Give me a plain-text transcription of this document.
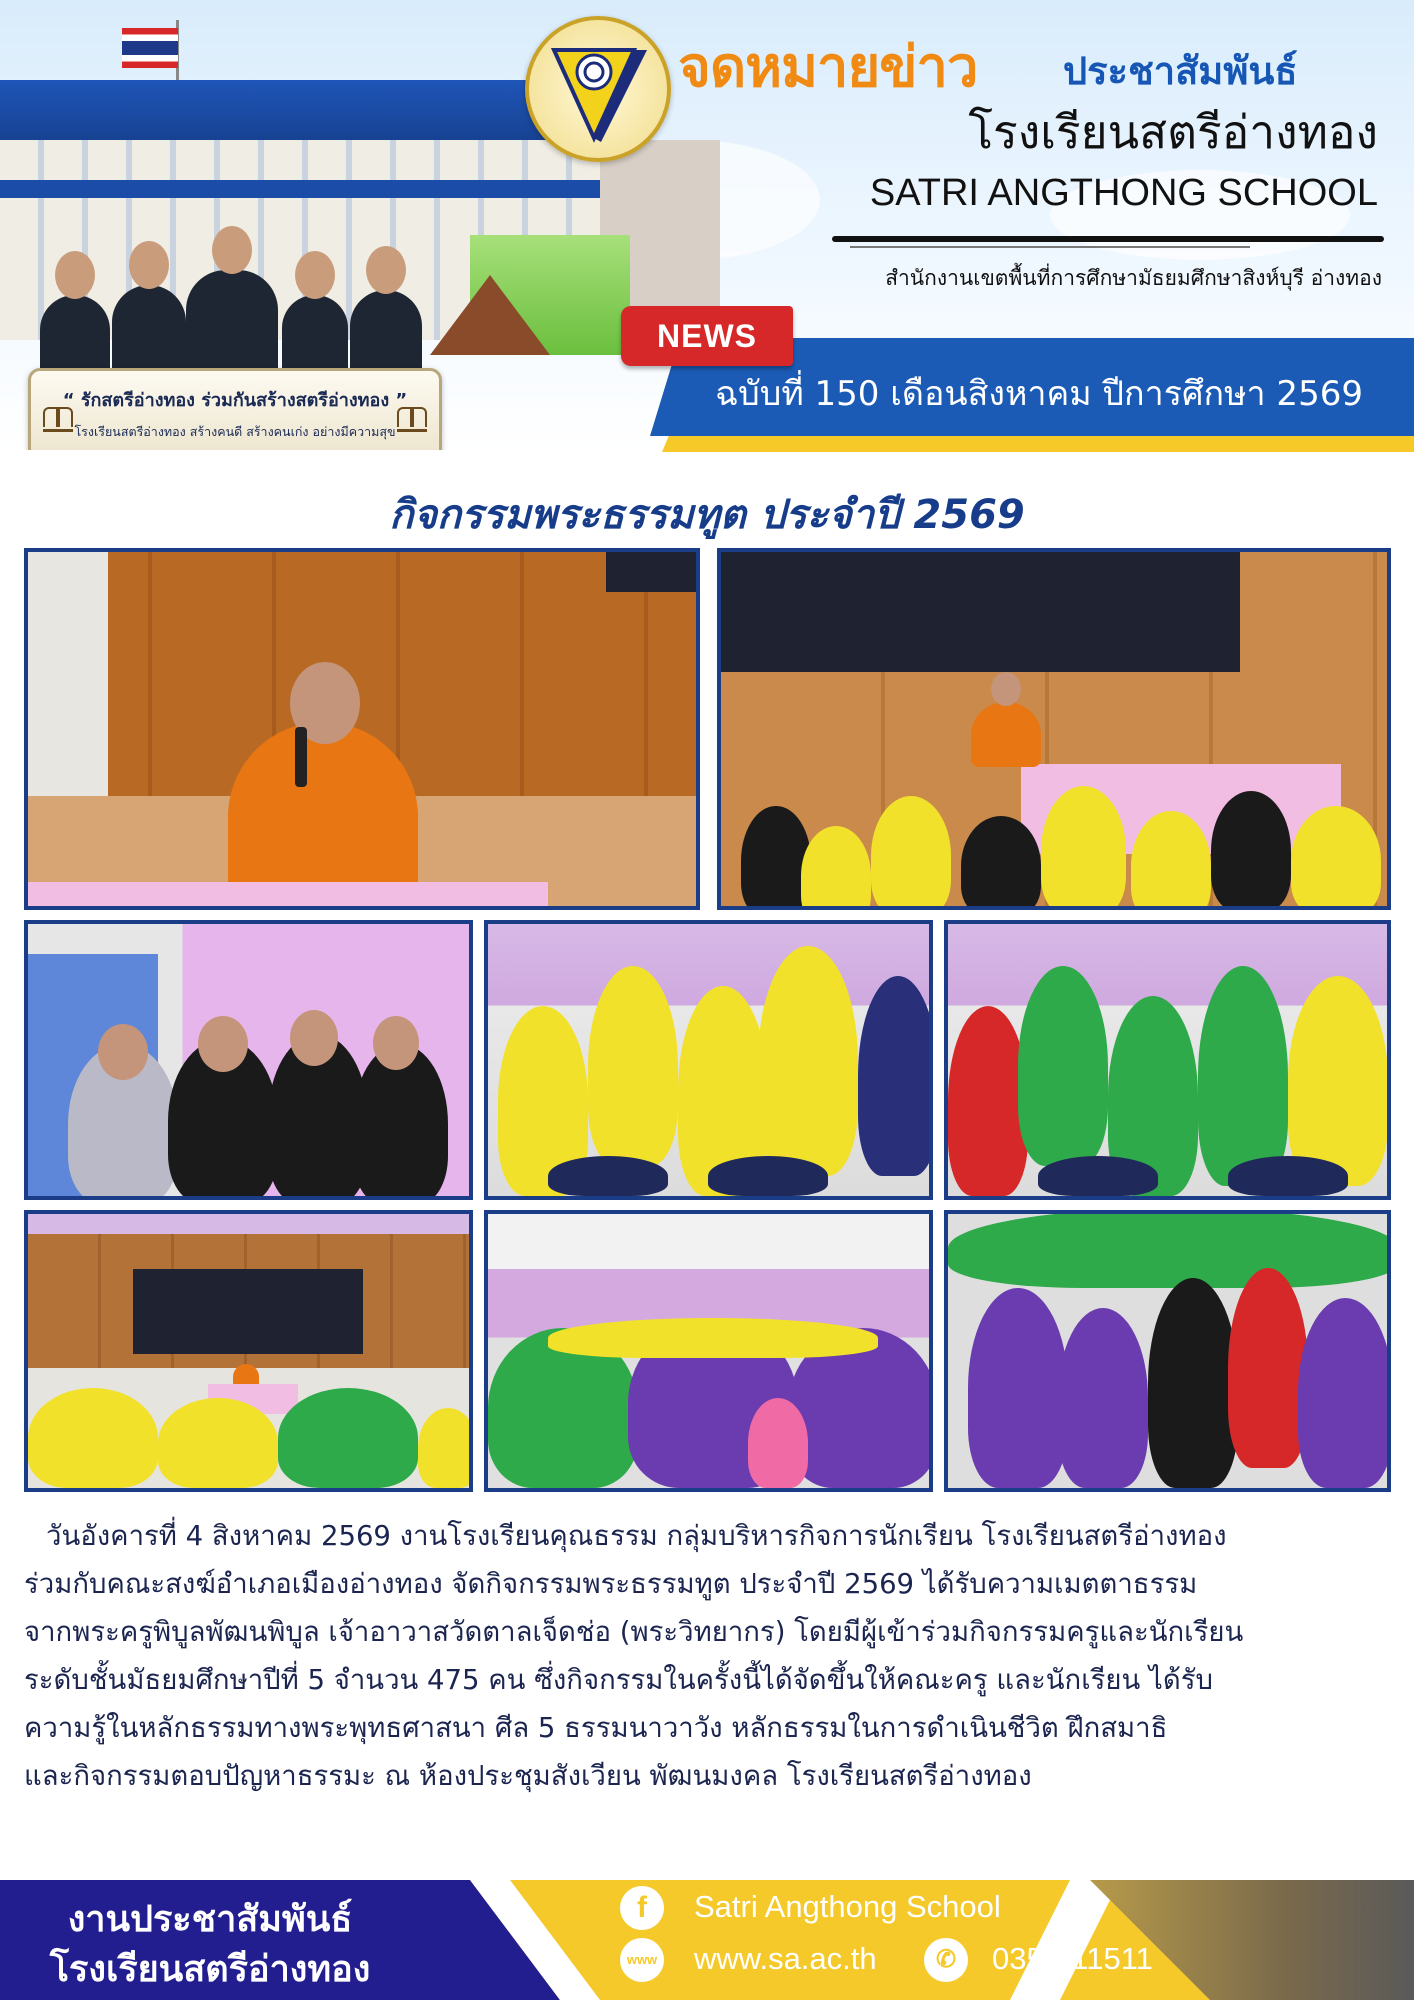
“ รักสตรีอ่างทอง ร่วมกันสร้างสตรีอ่างทอง ”
โรงเรียนสตรีอ่างทอง สร้างคนดี สร้างคนเก่ง อย่างมีความสุข
จดหมายข่าว ประชาสัมพันธ์
โรงเรียนสตรีอ่างทอง
SATRI ANGTHONG SCHOOL
สำนักงานเขตพื้นที่การศึกษามัธยมศึกษาสิงห์บุรี อ่างทอง
NEWS
ฉบับที่ 150 เดือนสิงหาคม ปีการศึกษา 2569
กิจกรรมพระธรรมทูต ประจำปี 2569
วันอังคารที่ 4 สิงหาคม 2569 งานโรงเรียนคุณธรรม กลุ่มบริหารกิจการนักเรียน โรงเรียนสตรีอ่างทอง
ร่วมกับคณะสงฆ์อำเภอเมืองอ่างทอง จัดกิจกรรมพระธรรมทูต ประจำปี 2569 ได้รับความเมตตาธรรม
จากพระครูพิบูลพัฒนพิบูล เจ้าอาวาสวัดตาลเจ็ดช่อ (พระวิทยากร) โดยมีผู้เข้าร่วมกิจกรรมครูและนักเรียน
ระดับชั้นมัธยมศึกษาปีที่ 5 จำนวน 475 คน ซึ่งกิจกรรมในครั้งนี้ได้จัดขึ้นให้คณะครู และนักเรียน ได้รับ
ความรู้ในหลักธรรมทางพระพุทธศาสนา ศีล 5 ธรรมนาวาวัง หลักธรรมในการดำเนินชีวิต ฝึกสมาธิ
และกิจกรรมตอบปัญหาธรรมะ ณ ห้องประชุมสังเวียน พัฒนมงคล โรงเรียนสตรีอ่างทอง
งานประชาสัมพันธ์
โรงเรียนสตรีอ่างทอง
f	Satri Angthong School
www www.sa.ac.th	✆	035-611511
